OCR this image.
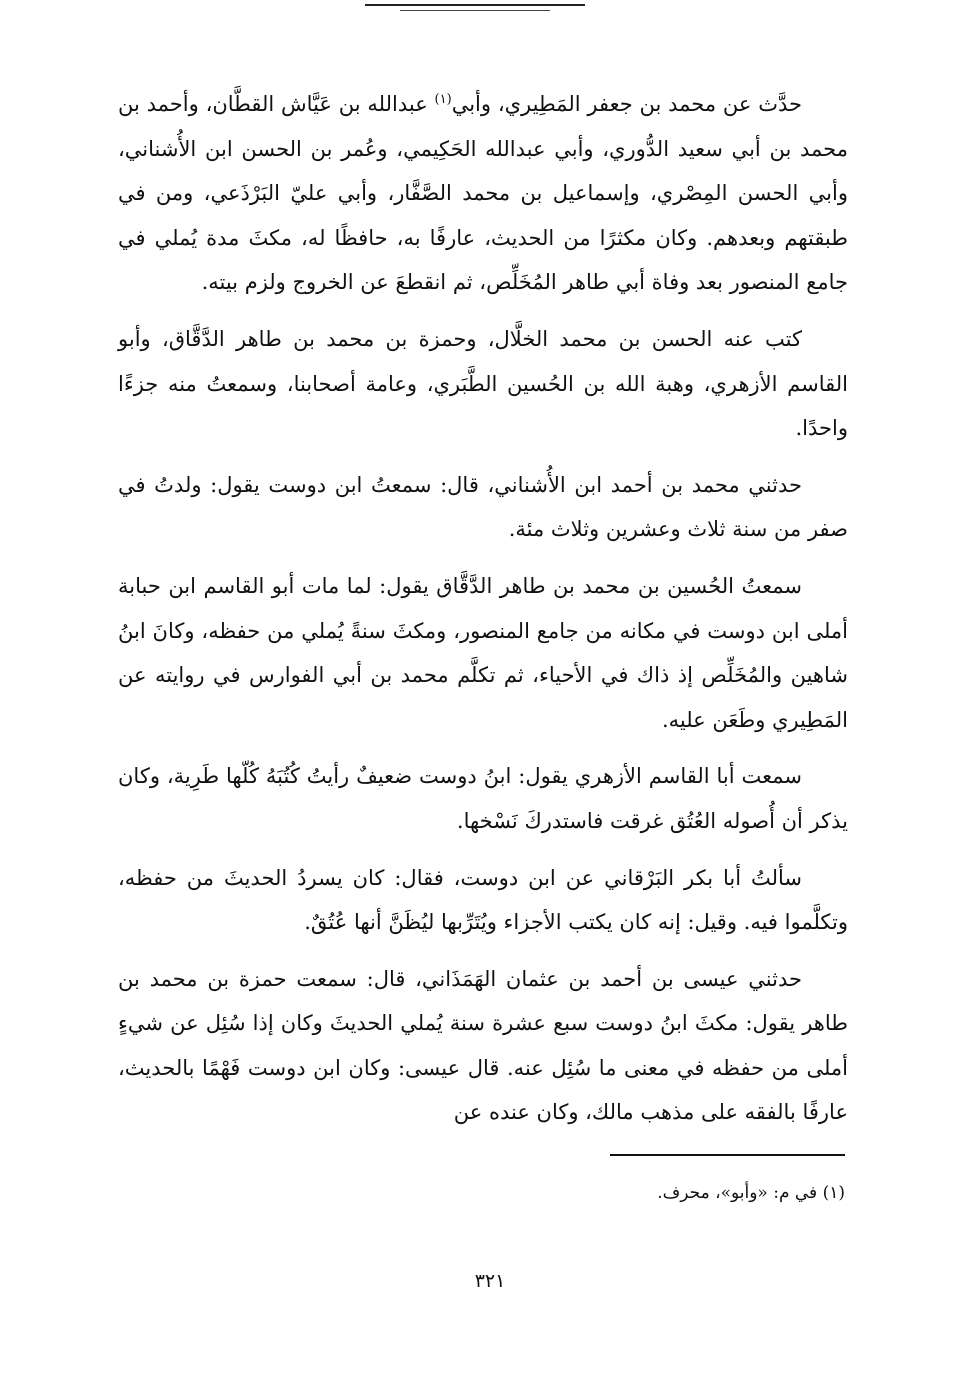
حدَّث عن محمد بن جعفر المَطِيري، وأبي$^{(١)}$ عبدالله بن عَيَّاش القطَّان، وأحمد بن محمد بن أبي سعيد الدُّوري، وأبي عبدالله الحَكِيمي، وعُمر بن الحسن ابن الأُشناني، وأبي الحسن المِصْري، وإسماعيل بن محمد الصَّفَّار، وأبي عليّ البَرْذَعي، ومن في طبقتهم وبعدهم. وكان مكثرًا من الحديث، عارفًا به، حافظًا له، مكثَ مدة يُملي في جامع المنصور بعد وفاة أبي طاهر المُخَلِّص، ثم انقطعَ عن الخروج ولزم بيته.

كتب عنه الحسن بن محمد الخلَّال، وحمزة بن محمد بن طاهر الدَّقَّاق، وأبو القاسم الأزهري، وهبة الله بن الحُسين الطَّبَري، وعامة أصحابنا، وسمعتُ منه جزءًا واحدًا.

حدثني محمد بن أحمد ابن الأُشناني، قال: سمعتُ ابن دوست يقول: ولدتُ في صفر من سنة ثلاث وعشرين وثلاث مئة.

سمعتُ الحُسين بن محمد بن طاهر الدَّقَّاق يقول: لما مات أبو القاسم ابن حبابة أملى ابن دوست في مكانه من جامع المنصور، ومكثَ سنةً يُملي من حفظه، وكانَ ابنُ شاهين والمُخَلِّص إذ ذاك في الأحياء، ثم تكلَّم محمد بن أبي الفوارس في روايته عن المَطِيري وطَعَن عليه.

سمعت أبا القاسم الأزهري يقول: ابنُ دوست ضعيفٌ رأيتُ كُتُبَهُ كُلّها طَرِية، وكان يذكر أن أُصوله العُتُق غرقت فاستدركَ نَسْخها.

سألتُ أبا بكر البَرْقاني عن ابن دوست، فقال: كان يسردُ الحديثَ من حفظه، وتكلَّموا فيه. وقيل: إنه كان يكتب الأجزاء ويُتَرِّبها ليُظَنَّ أنها عُتُقٌ.

حدثني عيسى بن أحمد بن عثمان الهَمَذَاني، قال: سمعت حمزة بن محمد بن طاهر يقول: مكثَ ابنُ دوست سبع عشرة سنة يُملي الحديثَ وكان إذا سُئِل عن شيءٍ أملى من حفظه في معنى ما سُئِل عنه. قال عيسى: وكان ابن دوست فَهْمًا بالحديث، عارفًا بالفقه على مذهب مالك، وكان عنده عن

(١) في م: «وأبو»، محرف.
٣٢١
